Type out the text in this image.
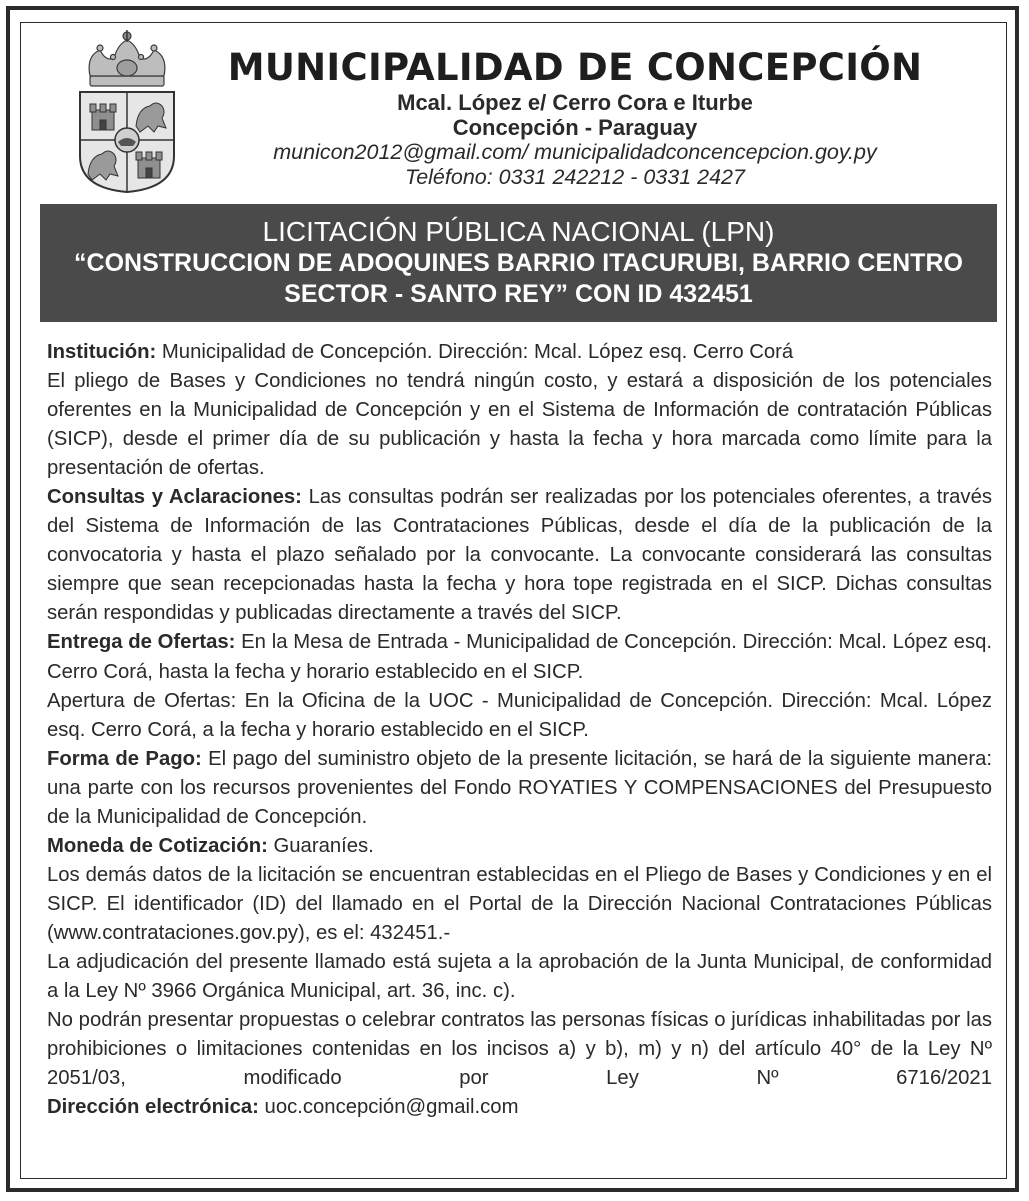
MUNICIPALIDAD DE CONCEPCIÓN
Mcal. López e/ Cerro Cora e Iturbe
Concepción - Paraguay
municon2012@gmail.com/ municipalidadconcencepcion.goy.py
Teléfono: 0331 242212 - 0331 2427
LICITACIÓN PÚBLICA NACIONAL (LPN)
“CONSTRUCCION DE ADOQUINES BARRIO ITACURUBI, BARRIO CENTRO SECTOR - SANTO REY” CON ID 432451

Institución: Municipalidad de Concepción. Dirección: Mcal. López esq. Cerro Corá

El pliego de Bases y Condiciones no tendrá ningún costo, y estará a disposición de los potenciales oferentes en la Municipalidad de Concepción y en el Sistema de Información de contratación Públicas (SICP), desde el primer día de su publicación y hasta la fecha y hora marcada como límite para la presentación de ofertas.

Consultas y Aclaraciones: Las consultas podrán ser realizadas por los potenciales oferentes, a través del Sistema de Información de las Contrataciones Públicas, desde el día de la publicación de la convocatoria y hasta el plazo señalado por la convocante. La convocante considerará las consultas siempre que sean recepcionadas hasta la fecha y hora tope registrada en el SICP. Dichas consultas serán respondidas y publicadas directamente a través del SICP.

Entrega de Ofertas: En la Mesa de Entrada - Municipalidad de Concepción. Dirección: Mcal. López esq. Cerro Corá, hasta la fecha y horario establecido en el SICP.

Apertura de Ofertas: En la Oficina de la UOC - Municipalidad de Concepción. Dirección: Mcal. López esq. Cerro Corá, a la fecha y horario establecido en el SICP.

Forma de Pago: El pago del suministro objeto de la presente licitación, se hará de la siguiente manera: una parte con los recursos provenientes del Fondo ROYATIES Y COMPENSACIONES del Presupuesto de la Municipalidad de Concepción.

Moneda de Cotización: Guaraníes.

Los demás datos de la licitación se encuentran establecidas en el Pliego de Bases y Condiciones y en el SICP. El identificador (ID) del llamado en el Portal de la Dirección Nacional Contrataciones Públicas (www.contrataciones.gov.py), es el: 432451.-

La adjudicación del presente llamado está sujeta a la aprobación de la Junta Municipal, de conformidad a la Ley Nº 3966 Orgánica Municipal, art. 36, inc. c).

No podrán presentar propuestas o celebrar contratos las personas físicas o jurídicas inhabilitadas por las prohibiciones o limitaciones contenidas en los incisos a) y b), m) y n) del artículo 40° de la Ley Nº 2051/03, modificado por Ley Nº 6716/2021

Dirección electrónica: uoc.concepción@gmail.com
